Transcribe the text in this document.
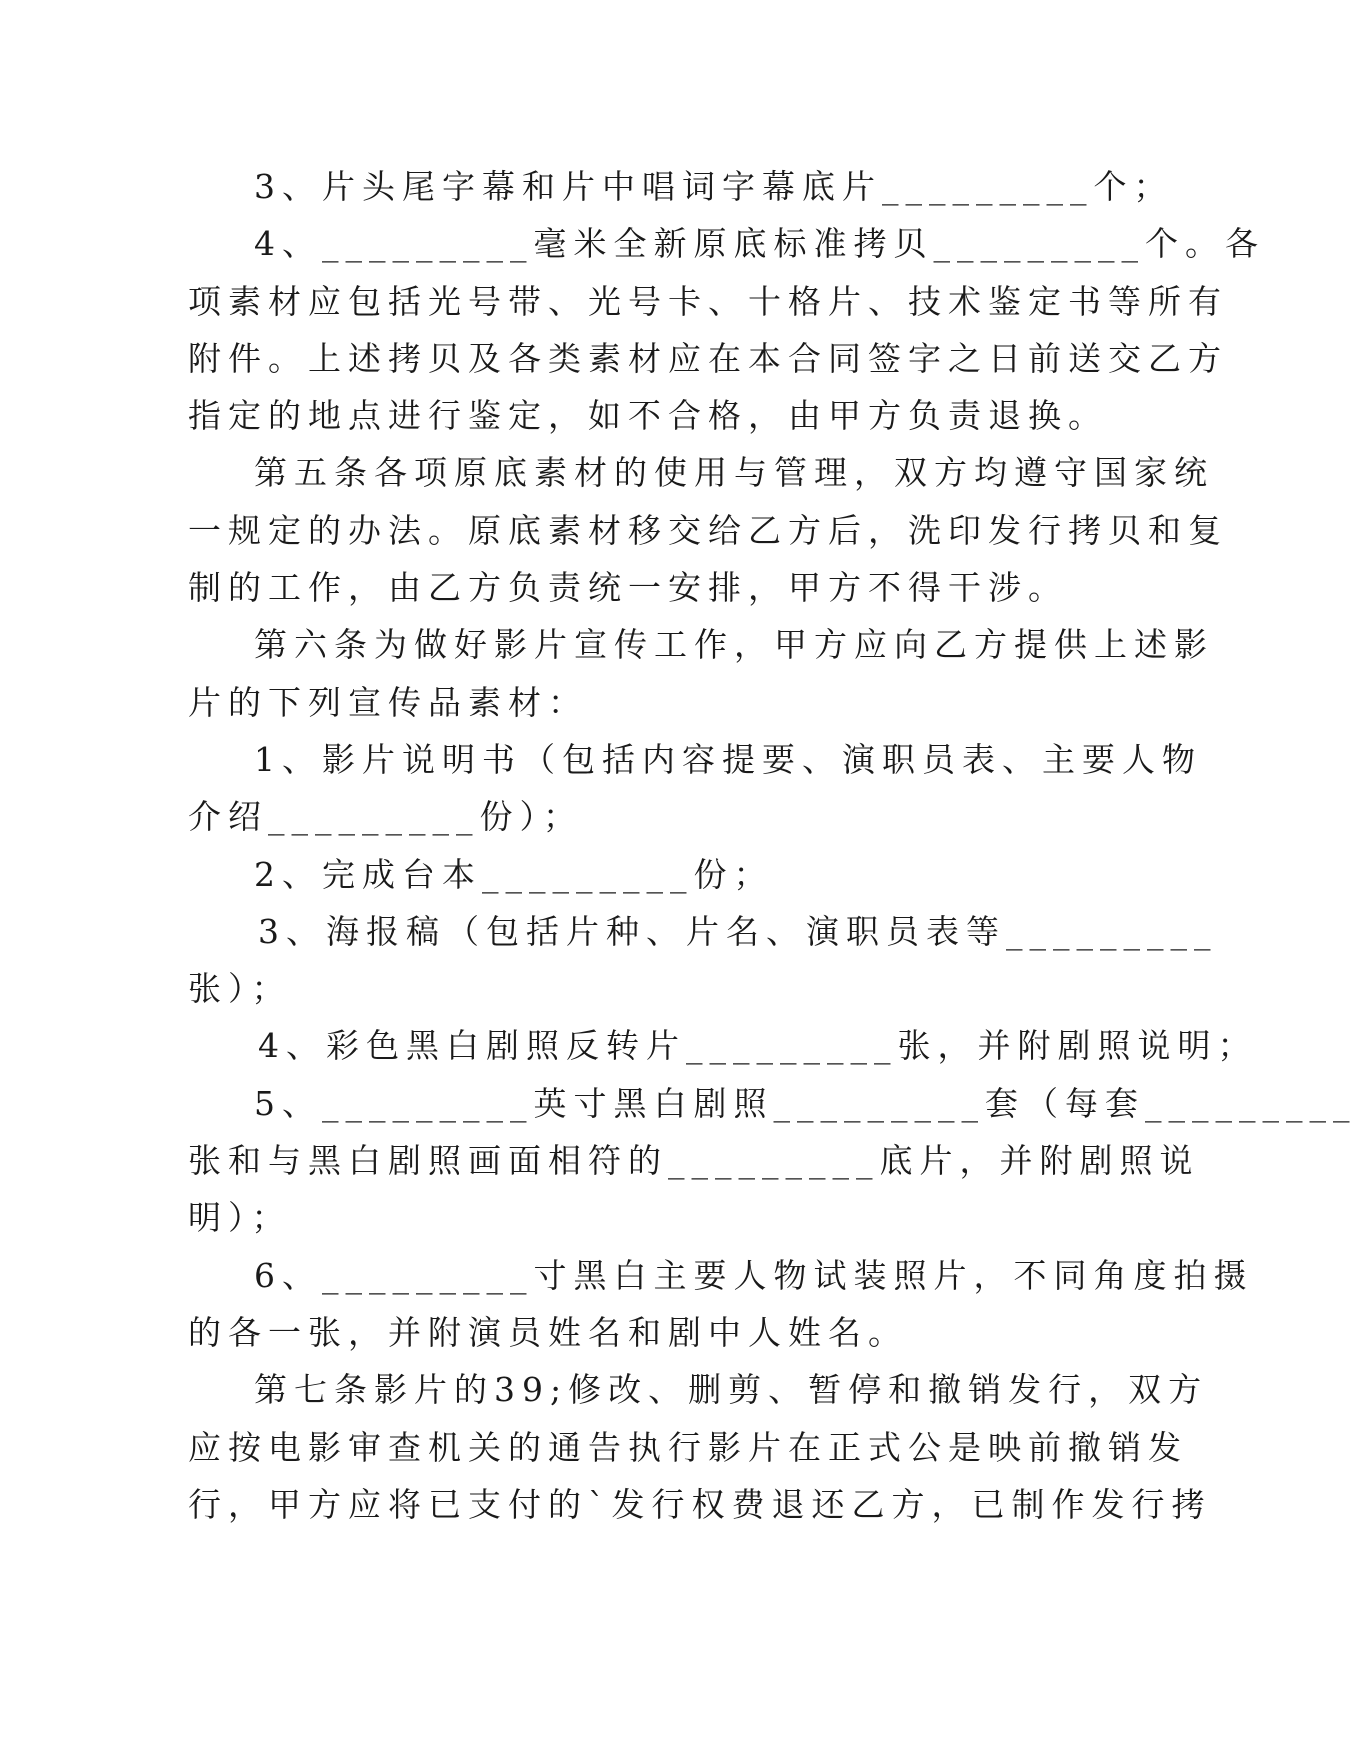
3、片头尾字幕和片中唱词字幕底片_________个；
4、_________毫米全新原底标准拷贝_________个。各
项素材应包括光号带、光号卡、十格片、技术鉴定书等所有
附件。上述拷贝及各类素材应在本合同签字之日前送交乙方
指定的地点进行鉴定，如不合格，由甲方负责退换。
第五条各项原底素材的使用与管理，双方均遵守国家统
一规定的办法。原底素材移交给乙方后，洗印发行拷贝和复
制的工作，由乙方负责统一安排，甲方不得干涉。
第六条为做好影片宣传工作，甲方应向乙方提供上述影
片的下列宣传品素材：
1、影片说明书（包括内容提要、演职员表、主要人物
介绍_________份）；
2、完成台本_________份；
3、海报稿（包括片种、片名、演职员表等_________
张）；
4、彩色黑白剧照反转片_________张，并附剧照说明；
5、_________英寸黑白剧照_________套（每套_________
张和与黑白剧照画面相符的_________底片，并附剧照说
明）；
6、_________寸黑白主要人物试装照片，不同角度拍摄
的各一张，并附演员姓名和剧中人姓名。
第七条影片的39;修改、删剪、暂停和撤销发行，双方
应按电影审查机关的通告执行影片在正式公是映前撤销发
行，甲方应将已支付的`发行权费退还乙方，已制作发行拷
